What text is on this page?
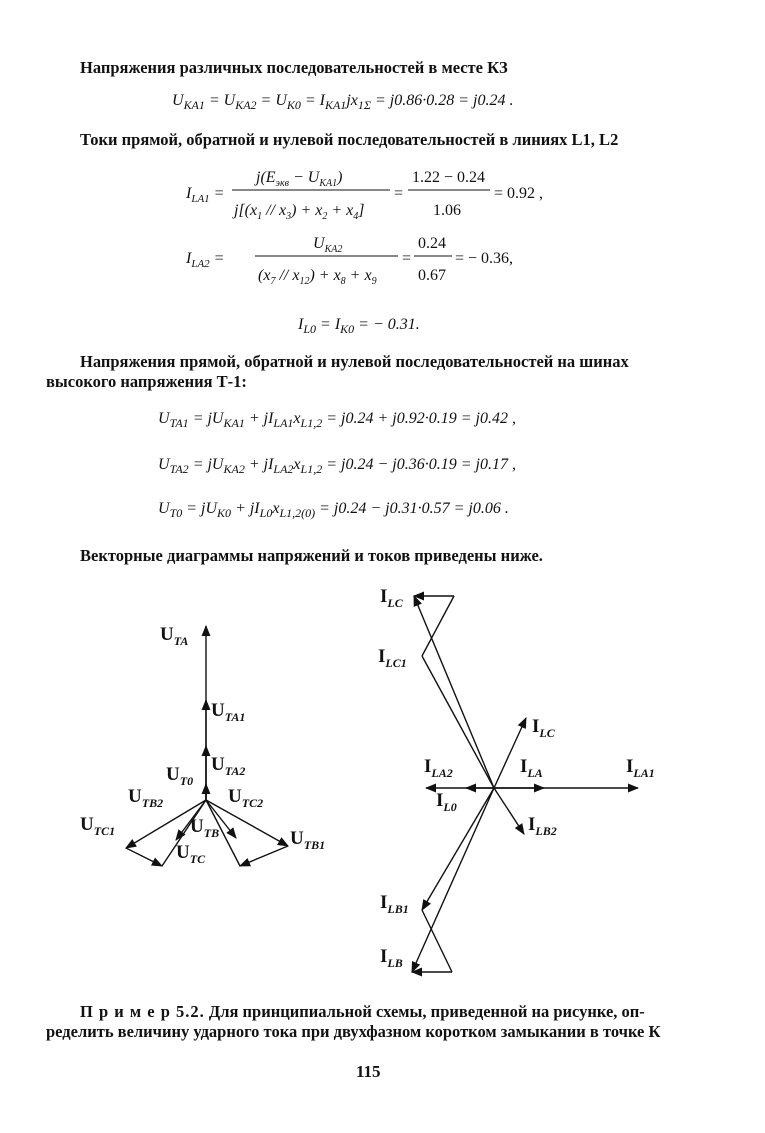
Напряжения различных последовательностей в месте КЗ
$U_{КА1} = U_{КА2} = U_{К0} = I_{КА1}jx_{1\Sigma} = j0.86\cdot 0.28 = j0.24$ .
Токи прямой, обратной и нулевой последовательностей в линиях L1, L2
$I_{LA1}$ =
$j(E_{экв} - U_{KA1})$
$j[(x_1 // x_3) + x_2 + x_4]$
=
1.22 − 0.24
1.06
= 0.92 ,
$I_{LA2}$ =
$U_{KA2}$
$(x_7 // x_{12}) + x_8 + x_9$
=
0.24
0.67
= − 0.36,
$I_{L0} = I_{K0}$ = − 0.31.
Напряжения прямой, обратной и нулевой последовательностей на шинах высокого напряжения Т-1:
$U_{TA1} = jU_{KA1} + jI_{LA1}x_{L1,2} = j0.24 + j0.92\cdot 0.19 = j0.42$ ,
$U_{TA2} = jU_{KA2} + jI_{LA2}x_{L1,2} = j0.24 - j0.36\cdot 0.19 = j0.17$ ,
$U_{T0} = jU_{K0} + jI_{L0}x_{L1,2(0)} = j0.24 - j0.31\cdot 0.57 = j0.06$ .
Векторные диаграммы напряжений и токов приведены ниже.
$U_{TA}$
$U_{TA1}$
$U_{TA2}$
$U_{T0}$
$U_{TB2}$	$U_{TC2}$
$U_{TC1}$	$U_{TB}$
$U_{TC}$
$U_{TB1}$
$I_{LC}$
$I_{LC1}$
$I_{LC}$
$I_{LA2}$	$I_{LA}$	$I_{LA1}$
$I_{L0}$
$I_{LB2}$
$I_{LB1}$
$I_{LB}$
П р и м е р 5.2. Для принципиальной схемы, приведенной на рисунке, оп-
ределить величину ударного тока при двухфазном коротком замыкании в точке К
115
